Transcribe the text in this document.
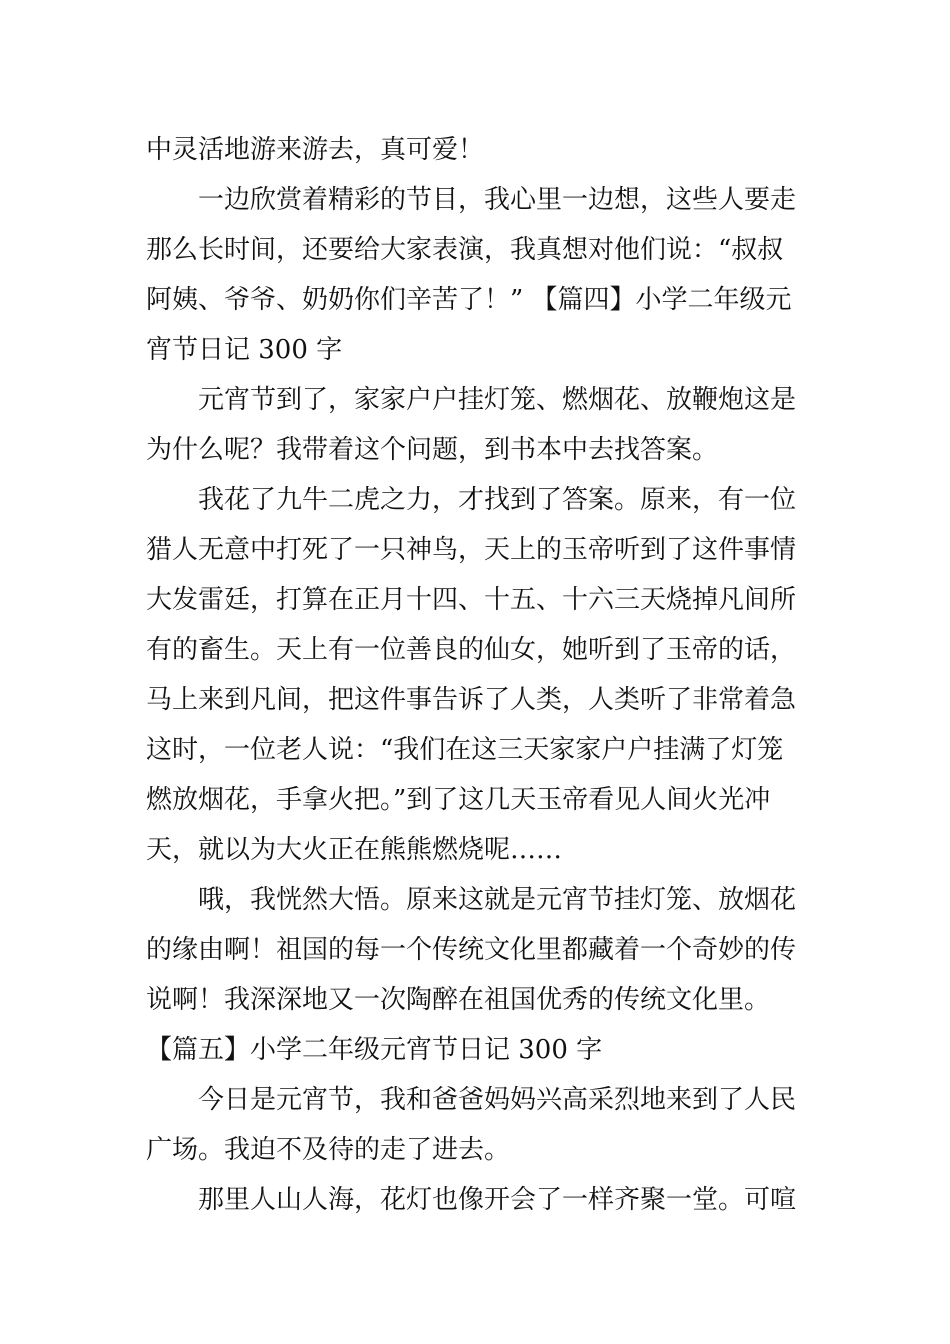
中灵活地游来游去，真可爱！
一边欣赏着精彩的节目，我心里一边想，这些人要走
那么长时间，还要给大家表演，我真想对他们说：“叔叔
阿姨、爷爷、奶奶你们辛苦了！” 【篇四】小学二年级元
宵节日记 300 字
元宵节到了，家家户户挂灯笼、燃烟花、放鞭炮这是
为什么呢？我带着这个问题，到书本中去找答案。
我花了九牛二虎之力，才找到了答案。原来，有一位
猎人无意中打死了一只神鸟，天上的玉帝听到了这件事情
大发雷廷，打算在正月十四、十五、十六三天烧掉凡间所
有的畜生。天上有一位善良的仙女，她听到了玉帝的话，
马上来到凡间，把这件事告诉了人类，人类听了非常着急
这时，一位老人说：“我们在这三天家家户户挂满了灯笼
燃放烟花，手拿火把。”到了这几天玉帝看见人间火光冲
天，就以为大火正在熊熊燃烧呢……
哦，我恍然大悟。原来这就是元宵节挂灯笼、放烟花
的缘由啊！祖国的每一个传统文化里都藏着一个奇妙的传
说啊！我深深地又一次陶醉在祖国优秀的传统文化里。
【篇五】小学二年级元宵节日记 300 字
今日是元宵节，我和爸爸妈妈兴高采烈地来到了人民
广场。我迫不及待的走了进去。
那里人山人海，花灯也像开会了一样齐聚一堂。可喧
